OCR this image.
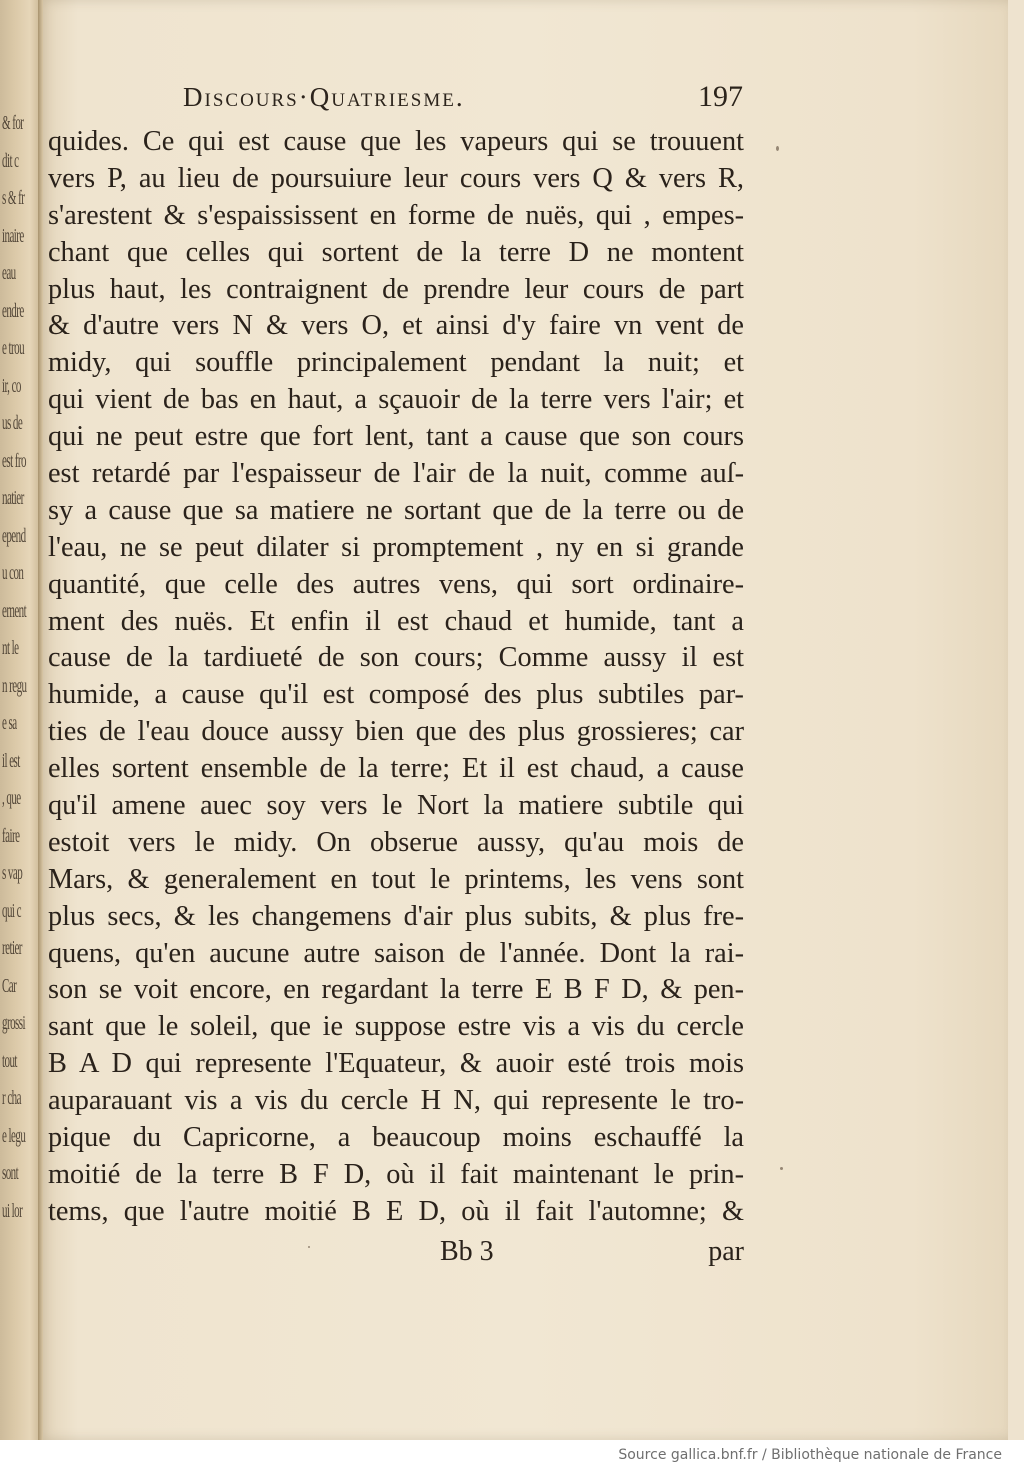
& for
dit c
s & fr
inaire
eau
endre
e trou
ir, co
us de
est fro
natier
epend
u con
ement
nt le
n regu
e sa
il est
, que
faire
s vap
qui c
retier
Car
grossi
tout
r cha
e legu
sont
ui lor
Discours·Quatriesme.	197
quides. Ce qui est cause que les vapeurs qui se trouuent
vers P, au lieu de poursuiure leur cours vers Q & vers R,
s'arestent & s'espaississent en forme de nuës, qui , empes-
chant que celles qui sortent de la terre D ne montent
plus haut, les contraignent de prendre leur cours de part
& d'autre vers N & vers O, et ainsi d'y faire vn vent de
midy, qui souffle principalement pendant la nuit; et
qui vient de bas en haut, a sçauoir de la terre vers l'air; et
qui ne peut estre que fort lent, tant a cause que son cours
est retardé par l'espaisseur de l'air de la nuit, comme auſ-
sy a cause que sa matiere ne sortant que de la terre ou de
l'eau, ne se peut dilater si promptement , ny en si grande
quantité, que celle des autres vens, qui sort ordinaire-
ment des nuës. Et enfin il est chaud et humide, tant a
cause de la tardiueté de son cours; Comme aussy il est
humide, a cause qu'il est composé des plus subtiles par-
ties de l'eau douce aussy bien que des plus grossieres; car
elles sortent ensemble de la terre; Et il est chaud, a cause
qu'il amene auec soy vers le Nort la matiere subtile qui
estoit vers le midy. On obserue aussy, qu'au mois de
Mars, & generalement en tout le printems, les vens sont
plus secs, & les changemens d'air plus subits, & plus fre-
quens, qu'en aucune autre saison de l'année. Dont la rai-
son se voit encore, en regardant la terre E B F D, & pen-
sant que le soleil, que ie suppose estre vis a vis du cercle
B A D qui represente l'Equateur, & auoir esté trois mois
auparauant vis a vis du cercle H N, qui represente le tro-
pique du Capricorne, a beaucoup moins eschauffé la
moitié de la terre B F D, où il fait maintenant le prin-
tems, que l'autre moitié B E D, où il fait l'automne; &
Bb 3	par
Source gallica.bnf.fr / Bibliothèque nationale de France
